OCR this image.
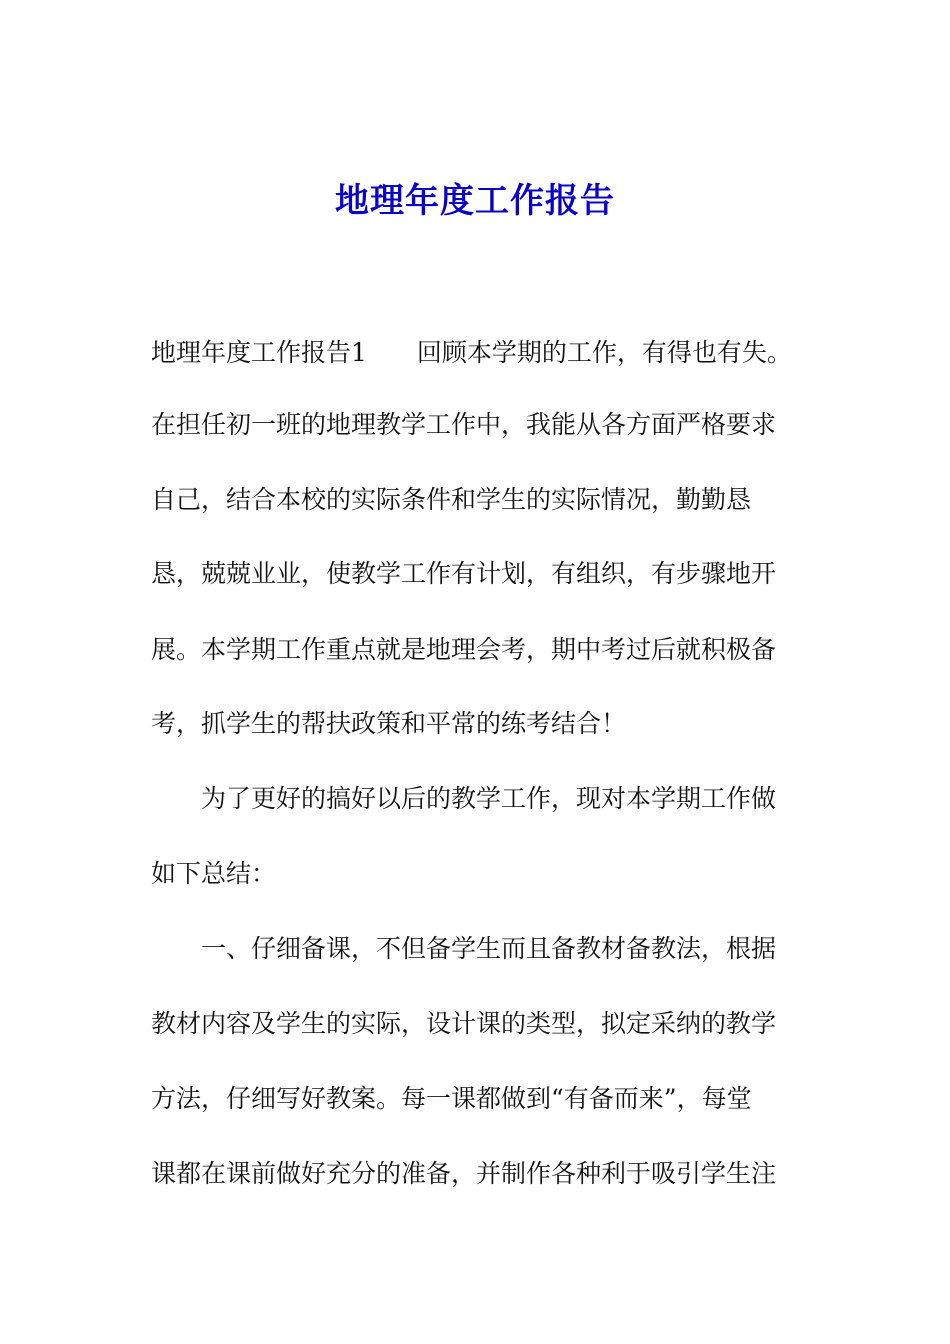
地理年度工作报告
地理年度工作报告1　　回顾本学期的工作，有得也有失。
在担任初一班的地理教学工作中，我能从各方面严格要求
自己，结合本校的实际条件和学生的实际情况，勤勤恳
恳，兢兢业业，使教学工作有计划，有组织，有步骤地开
展。本学期工作重点就是地理会考，期中考过后就积极备
考，抓学生的帮扶政策和平常的练考结合！
　　为了更好的搞好以后的教学工作，现对本学期工作做
如下总结：
　　一、仔细备课，不但备学生而且备教材备教法，根据
教材内容及学生的实际，设计课的类型，拟定采纳的教学
方法，仔细写好教案。每一课都做到“有备而来”，每堂
课都在课前做好充分的准备，并制作各种利于吸引学生注
